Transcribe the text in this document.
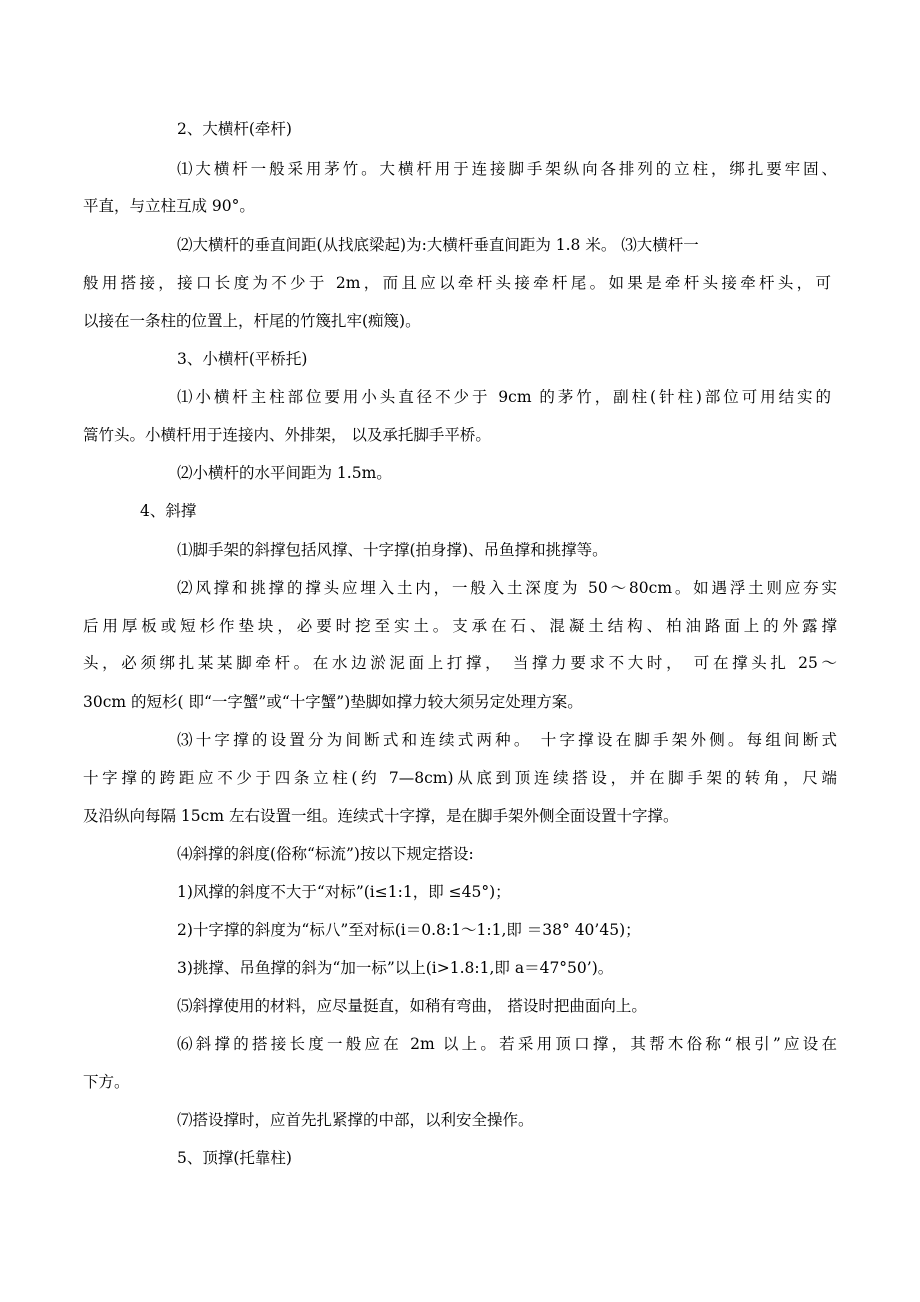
2、大横杆(牵杆)

⑴大横杆一般采用茅竹。大横杆用于连接脚手架纵向各排列的立柱，绑扎要牢固、

平直，与立柱互成 90°。

⑵大横杆的垂直间距(从找底梁起)为:大横杆垂直间距为 1.8 米。 ⑶大横杆一

般用搭接，接口长度为不少于 2m，而且应以牵杆头接牵杆尾。如果是牵杆头接牵杆头，可

以接在一条柱的位置上，杆尾的竹篾扎牢(痴篾)。

3、小横杆(平桥托)

⑴小横杆主柱部位要用小头直径不少于 9cm 的茅竹，副柱(针柱)部位可用结实的

篙竹头。小横杆用于连接内、外排架， 以及承托脚手平桥。

⑵小横杆的水平间距为 1.5m。

4、斜撑

⑴脚手架的斜撑包括风撑、十字撑(拍身撑)、吊鱼撑和挑撑等。

⑵风撑和挑撑的撑头应埋入土内，一般入土深度为 50～80cm。如遇浮土则应夯实

后用厚板或短杉作垫块，必要时挖至实土。支承在石、混凝土结构、柏油路面上的外露撑

头，必须绑扎某某脚牵杆。在水边淤泥面上打撑， 当撑力要求不大时， 可在撑头扎 25～

30cm 的短杉( 即“一字蟹”或“十字蟹”)垫脚如撑力较大须另定处理方案。

⑶十字撑的设置分为间断式和连续式两种。 十字撑设在脚手架外侧。每组间断式

十字撑的跨距应不少于四条立柱(约 7—8cm)从底到顶连续搭设，并在脚手架的转角，尺端

及沿纵向每隔 15cm 左右设置一组。连续式十字撑，是在脚手架外侧全面设置十字撑。

⑷斜撑的斜度(俗称“标流”)按以下规定搭设:

1)风撑的斜度不大于“对标”(i≤1:1，即 ≤45°)；

2)十字撑的斜度为“标八”至对标(i＝0.8:1～1:1,即 ＝38° 40’45)；

3)挑撑、吊鱼撑的斜为“加一标”以上(i>1.8:1,即 a＝47°50’)。

⑸斜撑使用的材料，应尽量挺直，如稍有弯曲， 搭设时把曲面向上。

⑹斜撑的搭接长度一般应在 2m 以上。若采用顶口撑，其帮木俗称“根引”应设在

下方。

⑺搭设撑时，应首先扎紧撑的中部，以利安全操作。

5、顶撑(托靠柱)
